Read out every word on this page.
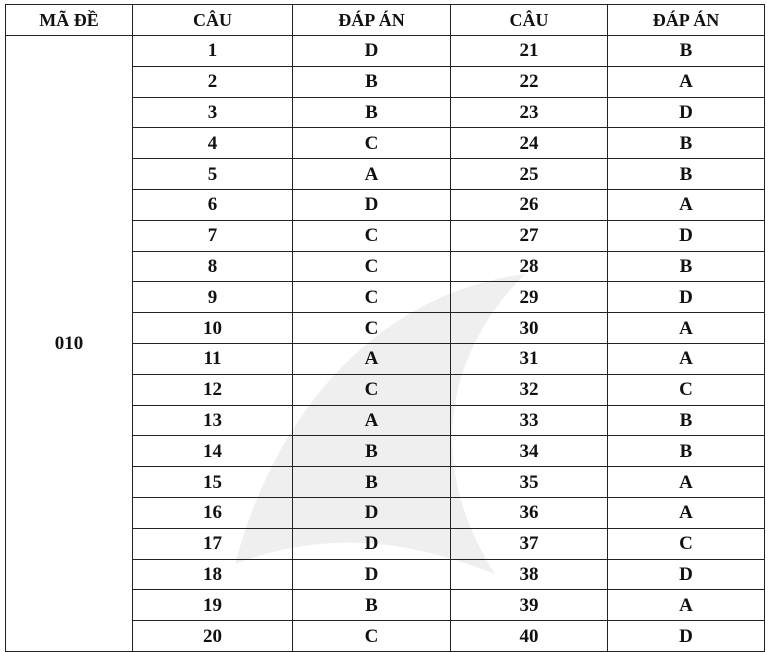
MÃ ĐỀ	CÂU	ĐÁP ÁN	CÂU	ĐÁP ÁN
010	1	D	21	B
	2	B	22	A
	3	B	23	D
	4	C	24	B
	5	A	25	B
	6	D	26	A
	7	C	27	D
	8	C	28	B
	9	C	29	D
	10	C	30	A
	11	A	31	A
	12	C	32	C
	13	A	33	B
	14	B	34	B
	15	B	35	A
	16	D	36	A
	17	D	37	C
	18	D	38	D
	19	B	39	A
	20	C	40	D
